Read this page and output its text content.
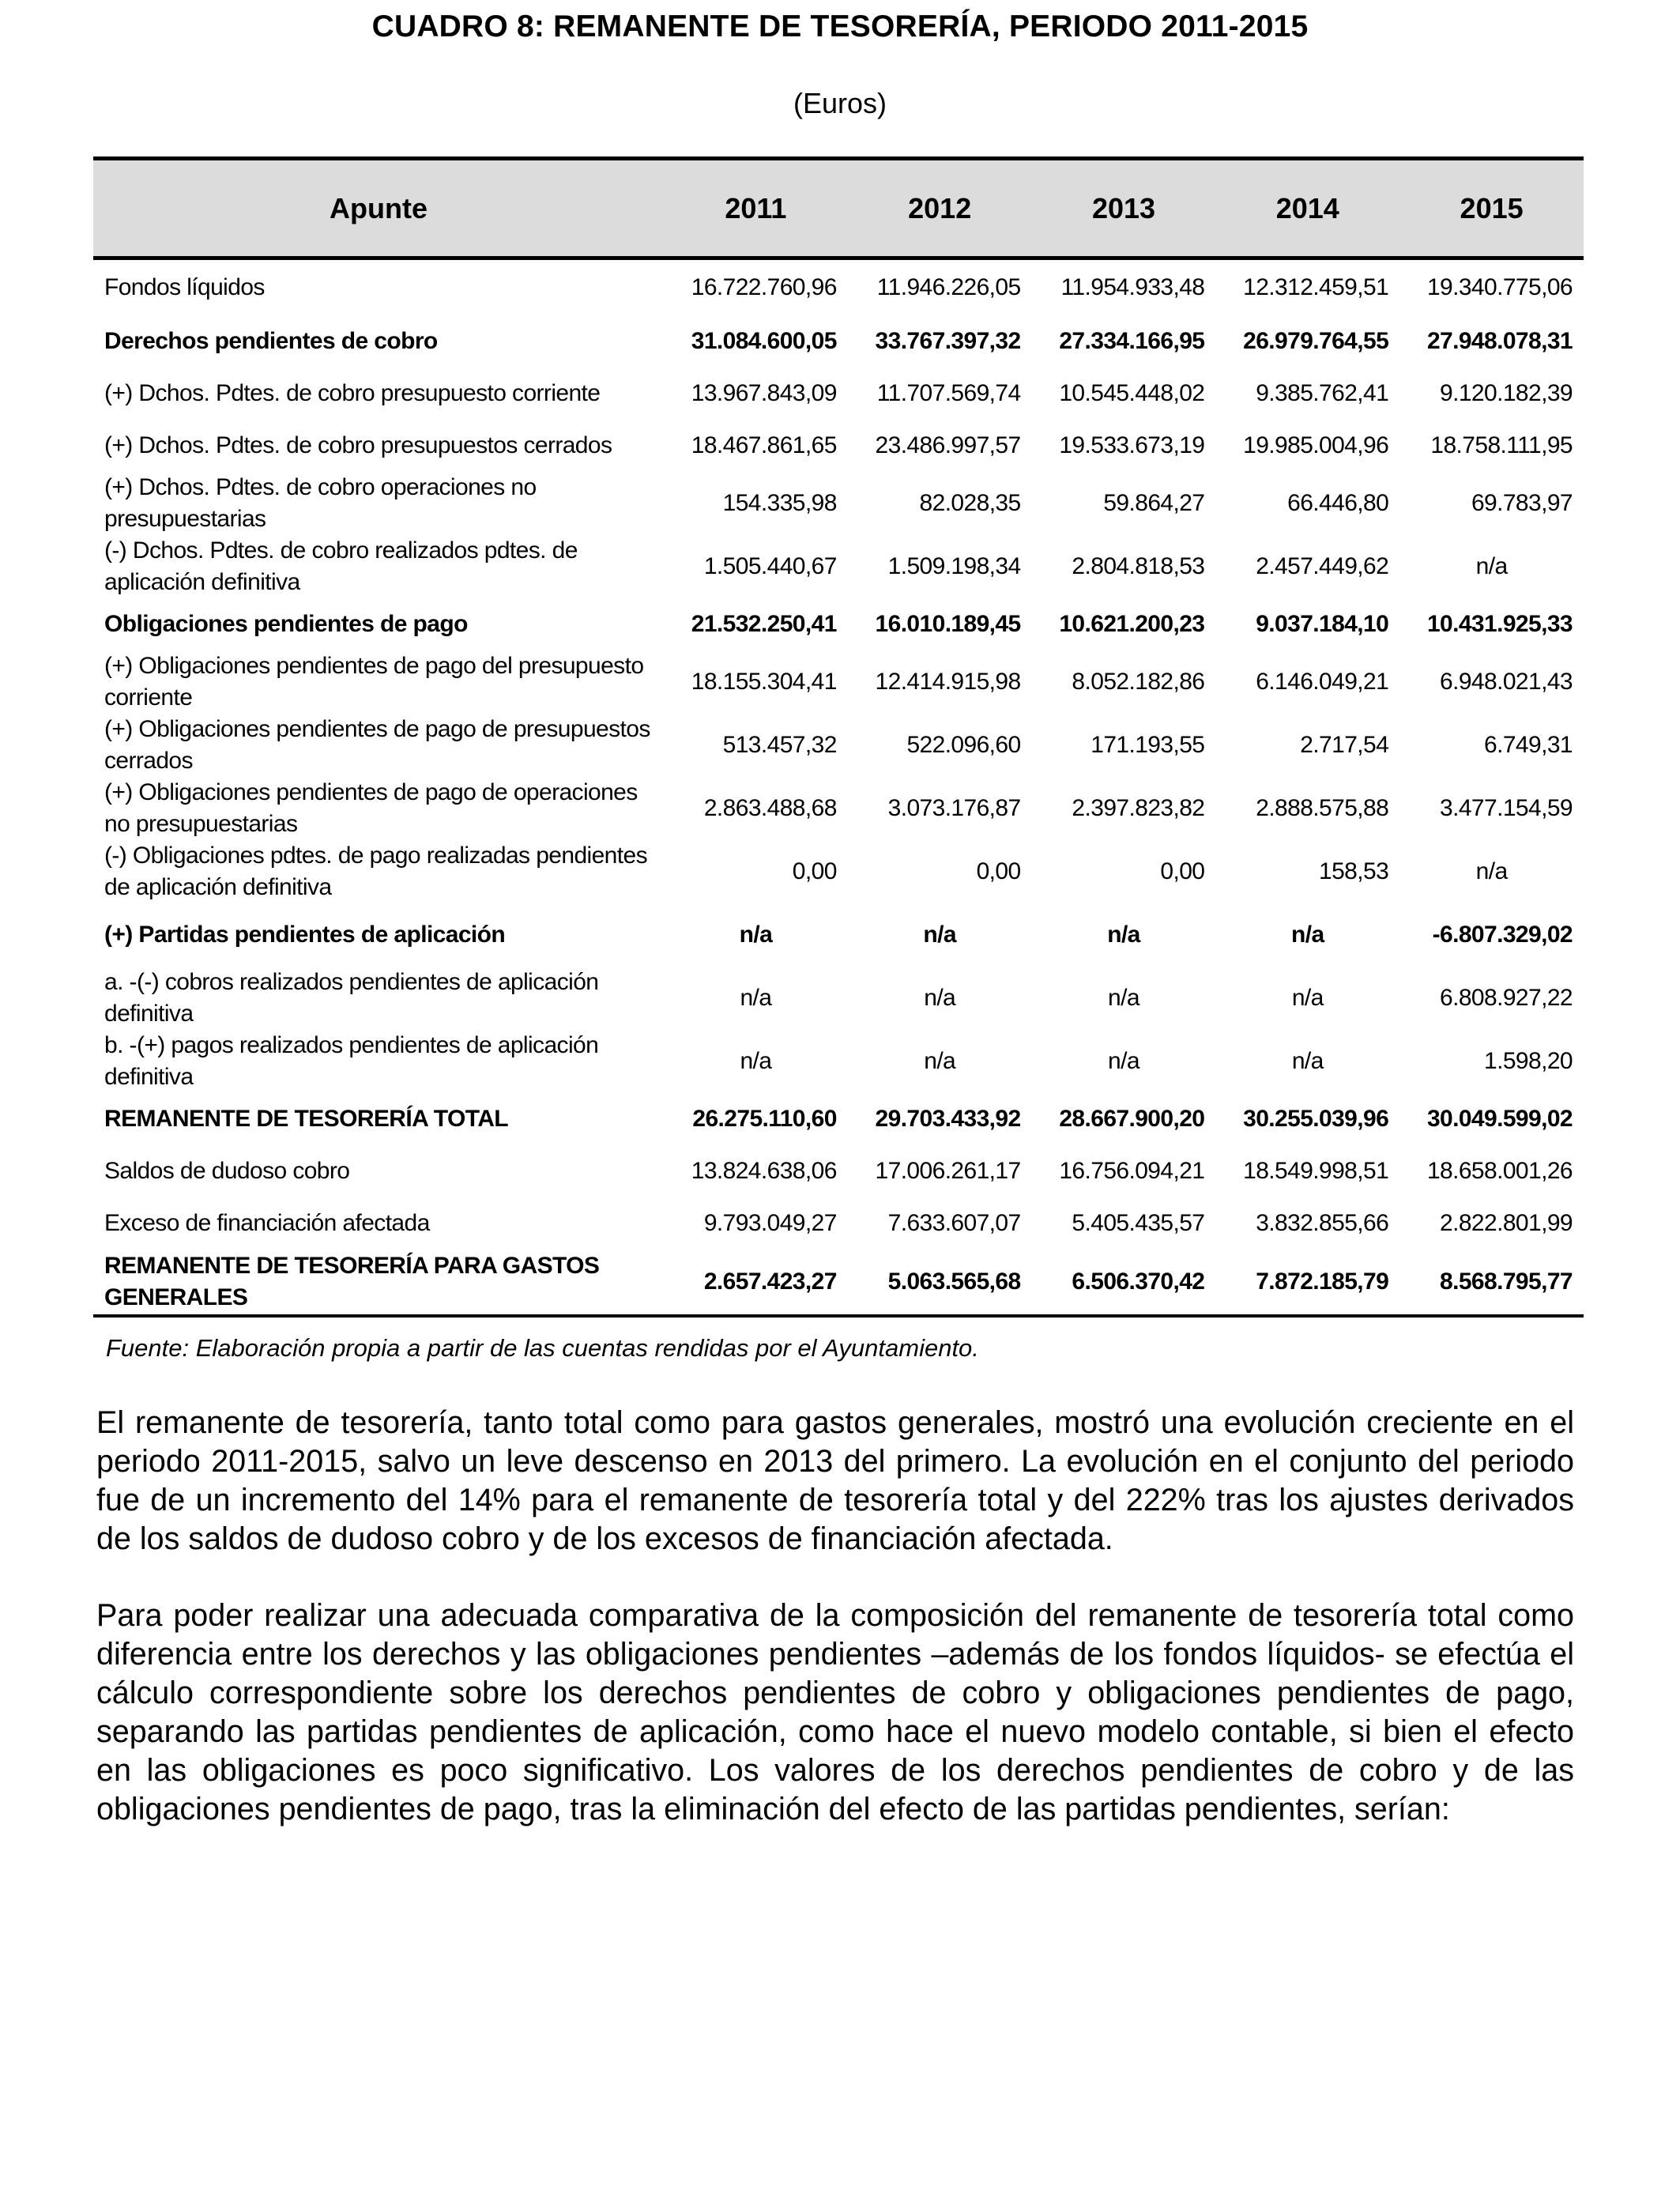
CUADRO 8: REMANENTE DE TESORERÍA, PERIODO 2011-2015
(Euros)
Apunte	2011	2012	2013	2014	2015
Fondos líquidos	16.722.760,96	11.946.226,05	11.954.933,48	12.312.459,51	19.340.775,06
Derechos pendientes de cobro	31.084.600,05	33.767.397,32	27.334.166,95	26.979.764,55	27.948.078,31
(+) Dchos. Pdtes. de cobro presupuesto corriente	13.967.843,09	11.707.569,74	10.545.448,02	9.385.762,41	9.120.182,39
(+) Dchos. Pdtes. de cobro presupuestos cerrados	18.467.861,65	23.486.997,57	19.533.673,19	19.985.004,96	18.758.111,95
(+) Dchos. Pdtes. de cobro operaciones no presupuestarias	154.335,98	82.028,35	59.864,27	66.446,80	69.783,97
(-) Dchos. Pdtes. de cobro realizados pdtes. de aplicación definitiva	1.505.440,67	1.509.198,34	2.804.818,53	2.457.449,62	n/a
Obligaciones pendientes de pago	21.532.250,41	16.010.189,45	10.621.200,23	9.037.184,10	10.431.925,33
(+) Obligaciones pendientes de pago del presupuesto corriente	18.155.304,41	12.414.915,98	8.052.182,86	6.146.049,21	6.948.021,43
(+) Obligaciones pendientes de pago de presupuestos cerrados	513.457,32	522.096,60	171.193,55	2.717,54	6.749,31
(+) Obligaciones pendientes de pago de operaciones no presupuestarias	2.863.488,68	3.073.176,87	2.397.823,82	2.888.575,88	3.477.154,59
(-) Obligaciones pdtes. de pago realizadas pendientes de aplicación definitiva	0,00	0,00	0,00	158,53	n/a
(+) Partidas pendientes de aplicación	n/a	n/a	n/a	n/a	-6.807.329,02
a. -(-) cobros realizados pendientes de aplicación definitiva	n/a	n/a	n/a	n/a	6.808.927,22
b. -(+) pagos realizados pendientes de aplicación definitiva	n/a	n/a	n/a	n/a	1.598,20
REMANENTE DE TESORERÍA TOTAL	26.275.110,60	29.703.433,92	28.667.900,20	30.255.039,96	30.049.599,02
Saldos de dudoso cobro	13.824.638,06	17.006.261,17	16.756.094,21	18.549.998,51	18.658.001,26
Exceso de financiación afectada	9.793.049,27	7.633.607,07	5.405.435,57	3.832.855,66	2.822.801,99
REMANENTE DE TESORERÍA PARA GASTOS GENERALES	2.657.423,27	5.063.565,68	6.506.370,42	7.872.185,79	8.568.795,77
Fuente: Elaboración propia a partir de las cuentas rendidas por el Ayuntamiento.
El remanente de tesorería, tanto total como para gastos generales, mostró una evolución creciente en el periodo 2011-2015, salvo un leve descenso en 2013 del primero. La evolución en el conjunto del periodo fue de un incremento del 14% para el remanente de tesorería total y del 222% tras los ajustes derivados de los saldos de dudoso cobro y de los excesos de financiación afectada.
Para poder realizar una adecuada comparativa de la composición del remanente de tesorería total como diferencia entre los derechos y las obligaciones pendientes –además de los fondos líquidos- se efectúa el cálculo correspondiente sobre los derechos pendientes de cobro y obligaciones pendientes de pago, separando las partidas pendientes de aplicación, como hace el nuevo modelo contable, si bien el efecto en las obligaciones es poco significativo. Los valores de los derechos pendientes de cobro y de las obligaciones pendientes de pago, tras la eliminación del efecto de las partidas pendientes, serían:
